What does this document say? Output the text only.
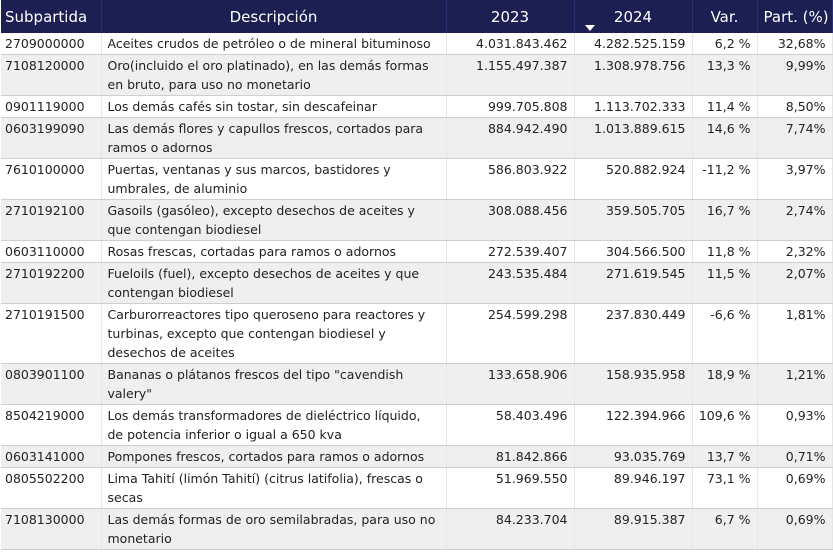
Subpartida	Descripción	2023	2024	Var.	Part. (%)
2709000000	Aceites crudos de petróleo o de mineral bituminoso	4.031.843.462	4.282.525.159	6,2 %	32,68%
7108120000	Oro(incluido el oro platinado), en las demás formas en bruto, para uso no monetario	1.155.497.387	1.308.978.756	13,3 %	9,99%
0901119000	Los demás cafés sin tostar, sin descafeinar	999.705.808	1.113.702.333	11,4 %	8,50%
0603199090	Las demás flores y capullos frescos, cortados para ramos o adornos	884.942.490	1.013.889.615	14,6 %	7,74%
7610100000	Puertas, ventanas y sus marcos, bastidores y umbrales, de aluminio	586.803.922	520.882.924	-11,2 %	3,97%
2710192100	Gasoils (gasóleo), excepto desechos de aceites y que contengan biodiesel	308.088.456	359.505.705	16,7 %	2,74%
0603110000	Rosas frescas, cortadas para ramos o adornos	272.539.407	304.566.500	11,8 %	2,32%
2710192200	Fueloils (fuel), excepto desechos de aceites y que contengan biodiesel	243.535.484	271.619.545	11,5 %	2,07%
2710191500	Carburorreactores tipo queroseno para reactores y turbinas, excepto que contengan biodiesel y desechos de aceites	254.599.298	237.830.449	-6,6 %	1,81%
0803901100	Bananas o plátanos frescos del tipo "cavendish valery"	133.658.906	158.935.958	18,9 %	1,21%
8504219000	Los demás transformadores de dieléctrico líquido, de potencia inferior o igual a 650 kva	58.403.496	122.394.966	109,6 %	0,93%
0603141000	Pompones frescos, cortados para ramos o adornos	81.842.866	93.035.769	13,7 %	0,71%
0805502200	Lima Tahití (limón Tahití) (citrus latifolia), frescas o secas	51.969.550	89.946.197	73,1 %	0,69%
7108130000	Las demás formas de oro semilabradas, para uso no monetario	84.233.704	89.915.387	6,7 %	0,69%
